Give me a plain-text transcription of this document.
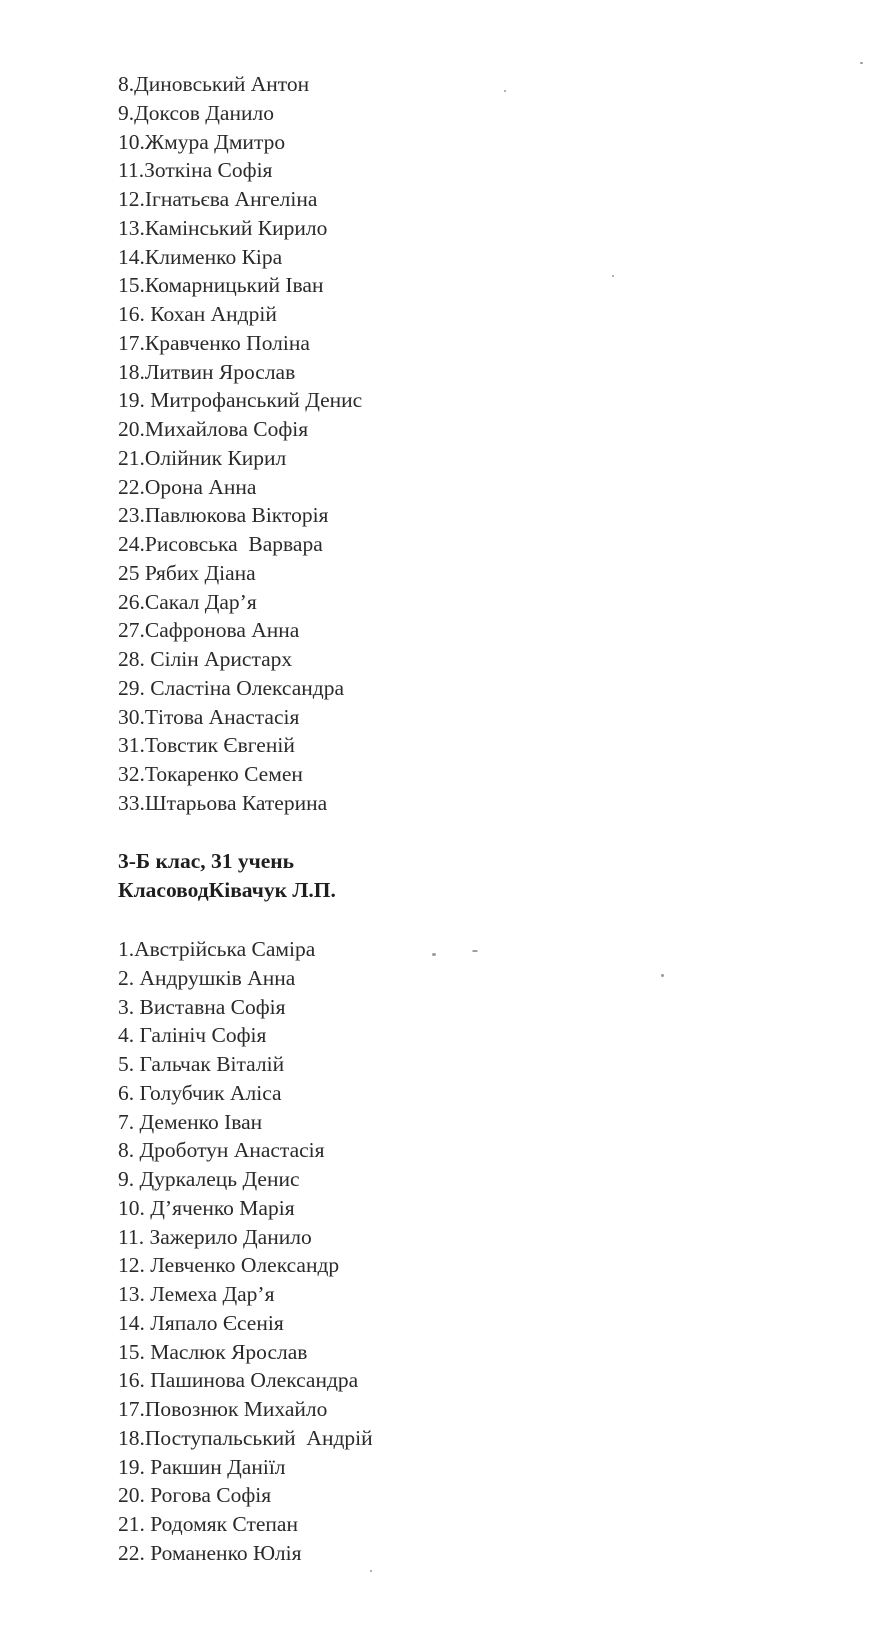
8.Диновський Антон
9.Доксов Данило
10.Жмура Дмитро
11.Зоткіна Софія
12.Ігнатьєва Ангеліна
13.Камінський Кирило
14.Клименко Кіра
15.Комарницький Іван
16. Кохан Андрій
17.Кравченко Поліна
18.Литвин Ярослав
19. Митрофанський Денис
20.Михайлова Софія
21.Олійник Кирил
22.Орона Анна
23.Павлюкова Вікторія
24.Рисовська  Варвара
25 Рябих Діана
26.Сакал Дар’я
27.Сафронова Анна
28. Сілін Аристарх
29. Сластіна Олександра
30.Тітова Анастасія
31.Товстик Євгеній
32.Токаренко Семен
33.Штарьова Катерина
3-Б клас, 31 учень
КласоводКівачук Л.П.
1.Австрійська Саміра
2. Андрушків Анна
3. Виставна Софія
4. Галініч Софія
5. Гальчак Віталій
6. Голубчик Аліса
7. Деменко Іван
8. Дроботун Анастасія
9. Дуркалець Денис
10. Д’яченко Марія
11. Зажерило Данило
12. Левченко Олександр
13. Лемеха Дар’я
14. Ляпало Єсенія
15. Маслюк Ярослав
16. Пашинова Олександра
17.Повознюк Михайло
18.Поступальський  Андрій
19. Ракшин Даніїл
20. Рогова Софія
21. Родомяк Степан
22. Романенко Юлія
